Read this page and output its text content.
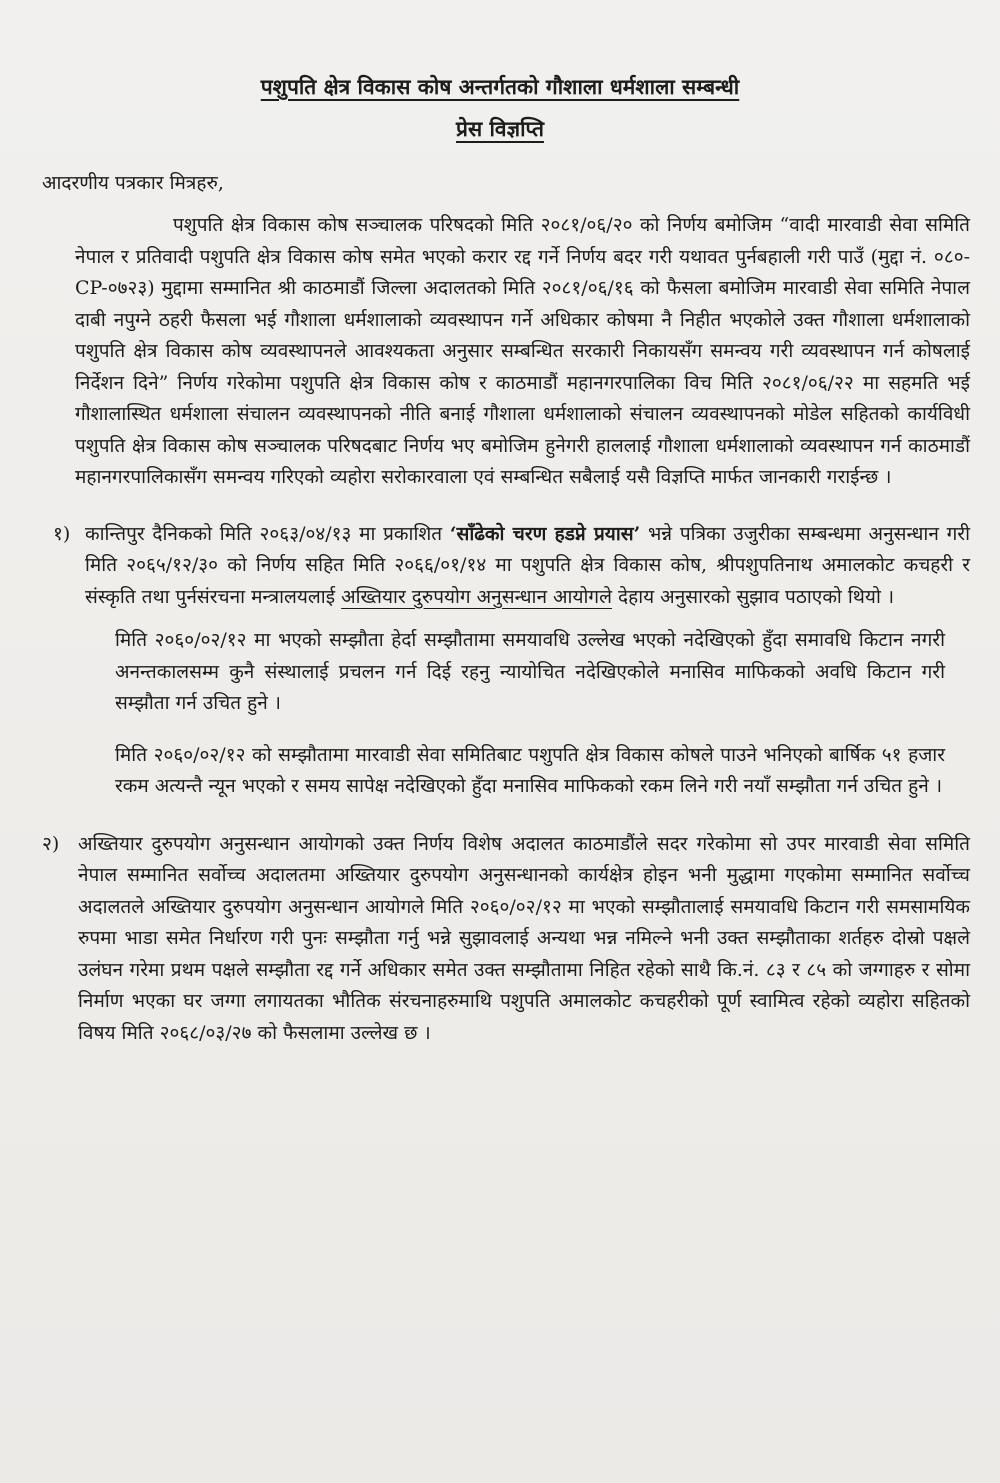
पशुपति क्षेत्र विकास कोष अन्तर्गतको गौशाला धर्मशाला सम्बन्धी
प्रेस विज्ञप्ति

आदरणीय पत्रकार मित्रहरु,

पशुपति क्षेत्र विकास कोष सञ्चालक परिषदको मिति २०८१/०६/२० को निर्णय बमोजिम “वादी मारवाडी सेवा समिति नेपाल र प्रतिवादी पशुपति क्षेत्र विकास कोष समेत भएको करार रद्द गर्ने निर्णय बदर गरी यथावत पुर्नबहाली गरी पाउँ (मुद्दा नं. ०८०-CP-०७२३) मुद्दामा सम्मानित श्री काठमाडौं जिल्ला अदालतको मिति २०८१/०६/१६ को फैसला बमोजिम मारवाडी सेवा समिति नेपाल दाबी नपुग्ने ठहरी फैसला भई गौशाला धर्मशालाको व्यवस्थापन गर्ने अधिकार कोषमा नै निहीत भएकोले उक्त गौशाला धर्मशालाको पशुपति क्षेत्र विकास कोष व्यवस्थापनले आवश्यकता अनुसार सम्बन्धित सरकारी निकायसँग समन्वय गरी व्यवस्थापन गर्न कोषलाई निर्देशन दिने” निर्णय गरेकोमा पशुपति क्षेत्र विकास कोष र काठमाडौं महानगरपालिका विच मिति २०८१/०६/२२ मा सहमति भई गौशालास्थित धर्मशाला संचालन व्यवस्थापनको नीति बनाई गौशाला धर्मशालाको संचालन व्यवस्थापनको मोडेल सहितको कार्यविधी पशुपति क्षेत्र विकास कोष सञ्चालक परिषदबाट निर्णय भए बमोजिम हुनेगरी हाललाई गौशाला धर्मशालाको व्यवस्थापन गर्न काठमाडौं महानगरपालिकासँग समन्वय गरिएको व्यहोरा सरोकारवाला एवं सम्बन्धित सबैलाई यसै विज्ञप्ति मार्फत जानकारी गराईन्छ ।

१) कान्तिपुर दैनिकको मिति २०६३/०४/१३ मा प्रकाशित ‘साँढेको चरण हडप्ने प्रयास’ भन्ने पत्रिका उजुरीका सम्बन्धमा अनुसन्धान गरी मिति २०६५/१२/३० को निर्णय सहित मिति २०६६/०१/१४ मा पशुपति क्षेत्र विकास कोष, श्रीपशुपतिनाथ अमालकोट कचहरी र संस्कृति तथा पुर्नसंरचना मन्त्रालयलाई अख्तियार दुरुपयोग अनुसन्धान आयोगले देहाय अनुसारको सुझाव पठाएको थियो ।

मिति २०६०/०२/१२ मा भएको सम्झौता हेर्दा सम्झौतामा समयावधि उल्लेख भएको नदेखिएको हुँदा समावधि किटान नगरी अनन्तकालसम्म कुनै संस्थालाई प्रचलन गर्न दिई रहनु न्यायोचित नदेखिएकोले मनासिव माफिकको अवधि किटान गरी सम्झौता गर्न उचित हुने ।

मिति २०६०/०२/१२ को सम्झौतामा मारवाडी सेवा समितिबाट पशुपति क्षेत्र विकास कोषले पाउने भनिएको बार्षिक ५१ हजार रकम अत्यन्तै न्यून भएको र समय सापेक्ष नदेखिएको हुँदा मनासिव माफिकको रकम लिने गरी नयाँ सम्झौता गर्न उचित हुने ।

२) अख्तियार दुरुपयोग अनुसन्धान आयोगको उक्त निर्णय विशेष अदालत काठमाडौंले सदर गरेकोमा सो उपर मारवाडी सेवा समिति नेपाल सम्मानित सर्वोच्च अदालतमा अख्तियार दुरुपयोग अनुसन्धानको कार्यक्षेत्र होइन भनी मुद्धामा गएकोमा सम्मानित सर्वोच्च अदालतले अख्तियार दुरुपयोग अनुसन्धान आयोगले मिति २०६०/०२/१२ मा भएको सम्झौतालाई समयावधि किटान गरी समसामयिक रुपमा भाडा समेत निर्धारण गरी पुनः सम्झौता गर्नु भन्ने सुझावलाई अन्यथा भन्न नमिल्ने भनी उक्त सम्झौताका शर्तहरु दोस्रो पक्षले उलंघन गरेमा प्रथम पक्षले सम्झौता रद्द गर्ने अधिकार समेत उक्त सम्झौतामा निहित रहेको साथै कि.नं. ८३ र ८५ को जग्गाहरु र सोमा निर्माण भएका घर जग्गा लगायतका भौतिक संरचनाहरुमाथि पशुपति अमालकोट कचहरीको पूर्ण स्वामित्व रहेको व्यहोरा सहितको विषय मिति २०६८/०३/२७ को फैसलामा उल्लेख छ ।
